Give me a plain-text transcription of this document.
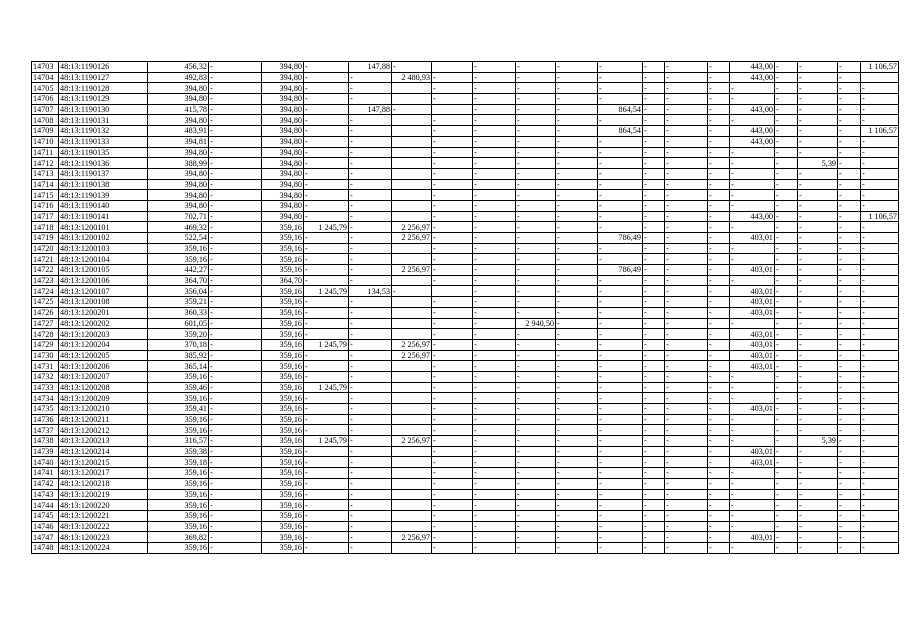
14703	48:13:1190126	456,32	-	394,80	-	147,88	-		-	-	-	-	-	-	-	443,00	-	-	-	1 106,57
14704	48:13:1190127	492,83	-	394,80	-	-	2 480,93	-	-	-	-	-	-	-	-	443,00	-	-	-	
14705	48:13:1190128	394,80	-	394,80	-	-		-	-	-	-	-	-	-	-	-	-	-	-	-
14706	48:13:1190129	394,80	-	394,80	-	-		-	-	-	-	-	-	-	-	-	-	-	-	-
14707	48:13:1190130	415,78	-	394,80	-	147,88	-		-	-	-	864,54	-	-	-	443,00	-	-	-	-
14708	48:13:1190131	394,80	-	394,80	-	-		-	-	-	-	-	-	-	-	-	-	-	-	-
14709	48:13:1190132	483,91	-	394,80	-	-		-	-	-	-	864,54	-	-	-	443,00	-	-	-	1 106,57
14710	48:13:1190133	394,81	-	394,80	-	-		-	-	-	-	-	-	-	-	443,00	-	-	-	-
14711	48:13:1190135	394,80	-	394,80	-	-		-	-	-	-	-	-	-	-	-	-	-	-	-
14712	48:13:1190136	388,99	-	394,80	-	-		-	-	-	-	-	-	-	-	-	-	5,39	-	-
14713	48:13:1190137	394,80	-	394,80	-	-		-	-	-	-	-	-	-	-	-	-	-	-	-
14714	48:13:1190138	394,80	-	394,80	-	-		-	-	-	-	-	-	-	-	-	-	-	-	-
14715	48:13:1190139	394,80	-	394,80	-	-		-	-	-	-	-	-	-	-	-	-	-	-	-
14716	48:13:1190140	394,80	-	394,80	-	-		-	-	-	-	-	-	-	-	-	-	-	-	-
14717	48:13:1190141	702,71	-	394,80	-	-		-	-	-	-	-	-	-	-	443,00	-	-	-	1 106,57
14718	48:13:1200101	469,32	-	359,16	1 245,79	-	2 256,97	-	-	-	-	-	-	-	-	-	-	-	-	-
14719	48:13:1200102	522,54	-	359,16	-	-	2 256,97	-	-	-	-	786,49	-	-	-	403,01	-	-	-	-
14720	48:13:1200103	359,16	-	359,16	-	-		-	-	-	-	-	-	-	-	-	-	-	-	-
14721	48:13:1200104	359,16	-	359,16	-	-		-	-	-	-	-	-	-	-	-	-	-	-	-
14722	48:13:1200105	442,27	-	359,16	-	-	2 256,97	-	-	-	-	786,49	-	-	-	403,01	-	-	-	-
14723	48:13:1200106	364,70	-	364,70	-	-		-	-	-	-	-	-	-	-	-	-	-	-	-
14724	48:13:1200107	356,04	-	359,16	1 245,79	134,53	-		-	-	-	-	-	-	-	403,01	-	-	-	-
14725	48:13:1200108	359,21	-	359,16	-	-		-	-	-	-	-	-	-	-	403,01	-	-	-	-
14726	48:13:1200201	360,33	-	359,16	-	-		-	-	-	-	-	-	-	-	403,01	-	-	-	-
14727	48:13:1200202	601,05	-	359,16	-	-		-	-	2 940,50	-	-	-	-	-	-	-	-	-	-
14728	48:13:1200203	359,20	-	359,16	-	-		-	-	-	-	-	-	-	-	403,01	-	-	-	-
14729	48:13:1200204	370,18	-	359,16	1 245,79	-	2 256,97	-	-	-	-	-	-	-	-	403,01	-	-	-	-
14730	48:13:1200205	385,92	-	359,16	-	-	2 256,97	-	-	-	-	-	-	-	-	403,01	-	-	-	-
14731	48:13:1200206	365,14	-	359,16	-	-		-	-	-	-	-	-	-	-	403,01	-	-	-	-
14732	48:13:1200207	359,16	-	359,16	-	-		-	-	-	-	-	-	-	-	-	-	-	-	-
14733	48:13:1200208	359,46	-	359,16	1 245,79	-		-	-	-	-	-	-	-	-	-	-	-	-	-
14734	48:13:1200209	359,16	-	359,16	-	-		-	-	-	-	-	-	-	-	-	-	-	-	-
14735	48:13:1200210	359,41	-	359,16	-	-		-	-	-	-	-	-	-	-	403,01	-	-	-	-
14736	48:13:1200211	359,16	-	359,16	-	-		-	-	-	-	-	-	-	-	-	-	-	-	-
14737	48:13:1200212	359,16	-	359,16	-	-		-	-	-	-	-	-	-	-	-	-	-	-	-
14738	48:13:1200213	316,57	-	359,16	1 245,79	-	2 256,97	-	-	-	-	-	-	-	-	-	-	5,39	-	-
14739	48:13:1200214	359,38	-	359,16	-	-		-	-	-	-	-	-	-	-	403,01	-	-	-	-
14740	48:13:1200215	359,18	-	359,16	-	-		-	-	-	-	-	-	-	-	403,01	-	-	-	-
14741	48:13:1200217	359,16	-	359,16	-	-		-	-	-	-	-	-	-	-	-	-	-	-	-
14742	48:13:1200218	359,16	-	359,16	-	-		-	-	-	-	-	-	-	-	-	-	-	-	-
14743	48:13:1200219	359,16	-	359,16	-	-		-	-	-	-	-	-	-	-	-	-	-	-	-
14744	48:13:1200220	359,16	-	359,16	-	-		-	-	-	-	-	-	-	-	-	-	-	-	-
14745	48:13:1200221	359,16	-	359,16	-	-		-	-	-	-	-	-	-	-	-	-	-	-	-
14746	48:13:1200222	359,16	-	359,16	-	-		-	-	-	-	-	-	-	-	-	-	-	-	-
14747	48:13:1200223	369,82	-	359,16	-	-	2 256,97	-	-	-	-	-	-	-	-	403,01	-	-	-	-
14748	48:13:1200224	359,16	-	359,16	-	-		-	-	-	-	-	-	-	-	-	-	-	-	-
